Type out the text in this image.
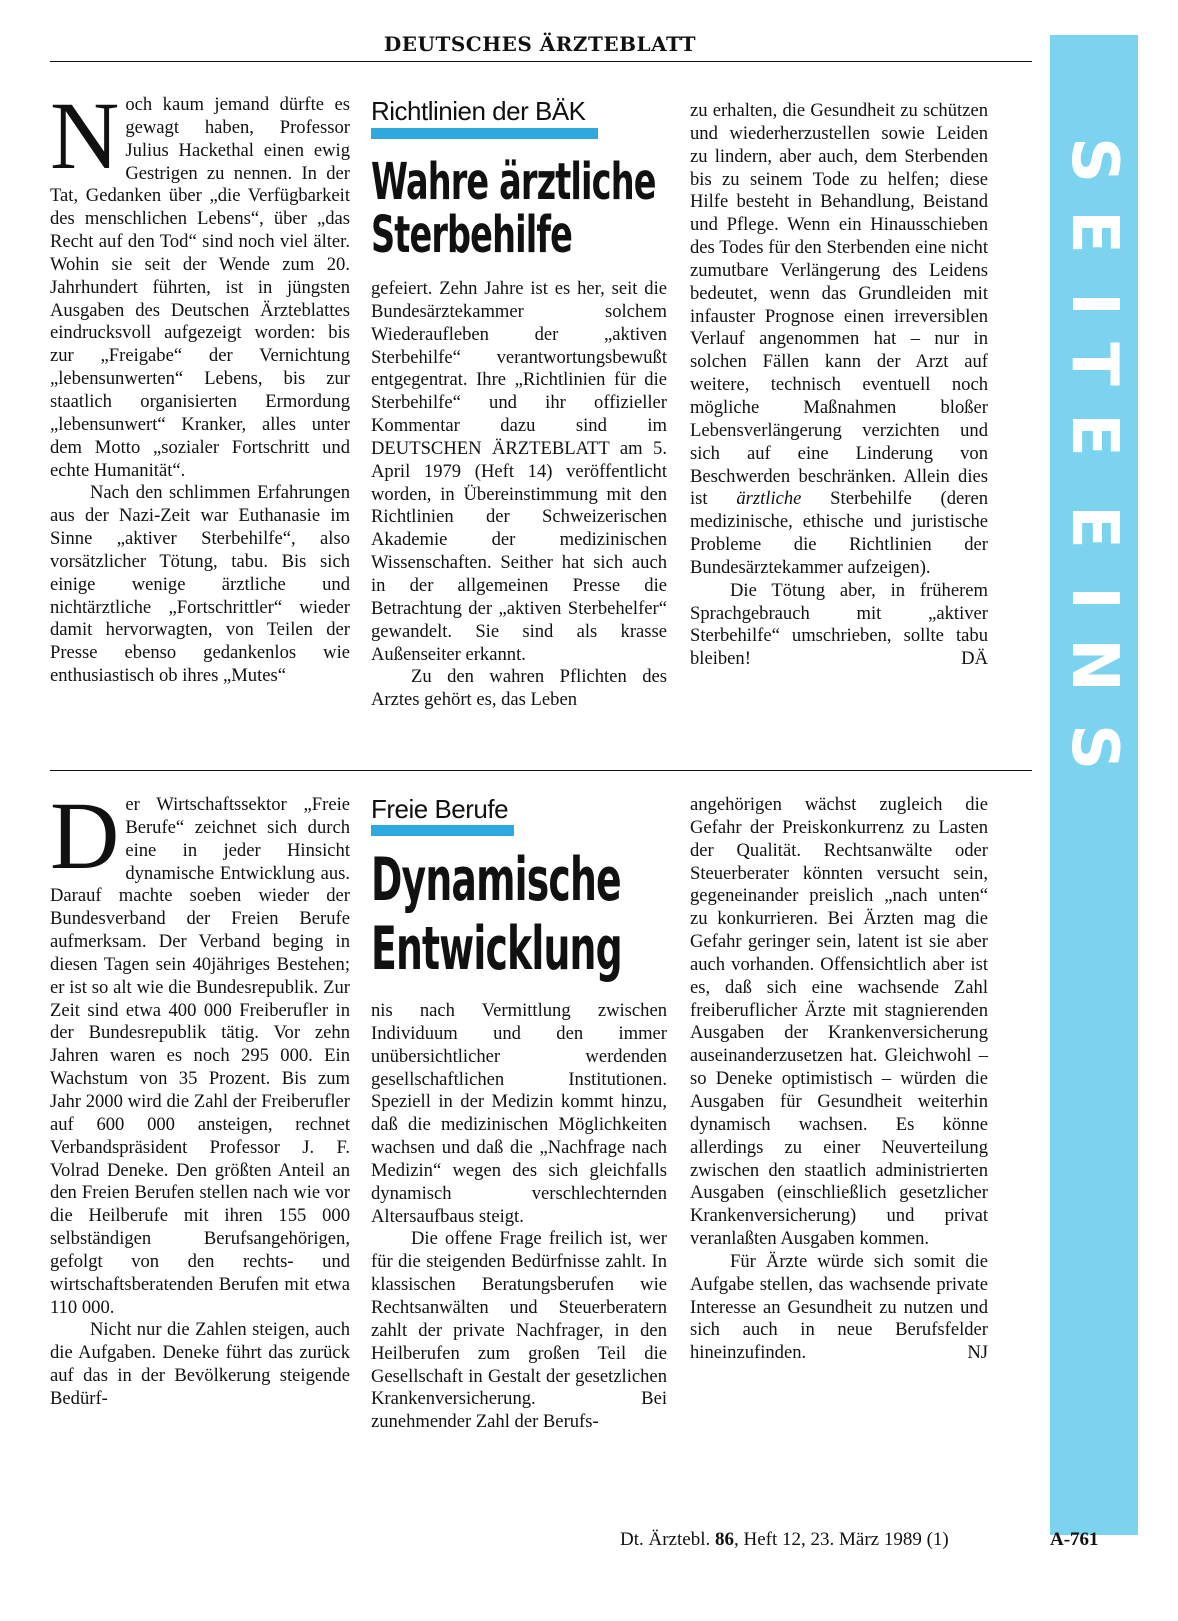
DEUTSCHES ÄRZTEBLATT
S
E
I
T
E
E
I
N
S

Noch kaum jemand dürfte es gewagt haben, Professor Julius Hackethal einen ewig Gestrigen zu nennen. In der Tat, Gedanken über „die Verfügbarkeit des menschlichen Lebens“, über „das Recht auf den Tod“ sind noch viel älter. Wohin sie seit der Wende zum 20. Jahrhundert führten, ist in jüngsten Ausgaben des Deutschen Ärzteblattes eindrucksvoll aufgezeigt worden: bis zur „Freigabe“ der Vernichtung „lebensunwerten“ Lebens, bis zur staatlich organisierten Ermordung „lebensunwert“ Kranker, alles unter dem Motto „sozialer Fortschritt und echte Humanität“.

Nach den schlimmen Erfahrungen aus der Nazi-Zeit war Euthanasie im Sinne „aktiver Sterbehilfe“, also vorsätzlicher Tötung, tabu. Bis sich einige wenige ärztliche und nichtärztliche „Fortschrittler“ wieder damit hervorwagten, von Teilen der Presse ebenso gedankenlos wie enthusiastisch ob ihres „Mutes“

Richtlinien der BÄK
Wahre ärztliche
Sterbehilfe

gefeiert. Zehn Jahre ist es her, seit die Bundesärztekammer solchem Wiederaufleben der „aktiven Sterbehilfe“ verantwortungsbewußt entgegentrat. Ihre „Richtlinien für die Sterbehilfe“ und ihr offizieller Kommentar dazu sind im DEUTSCHEN ÄRZTEBLATT am 5. April 1979 (Heft 14) veröffentlicht worden, in Übereinstimmung mit den Richtlinien der Schweizerischen Akademie der medizinischen Wissenschaften. Seither hat sich auch in der allgemeinen Presse die Betrachtung der „aktiven Sterbehelfer“ gewandelt. Sie sind als krasse Außenseiter erkannt.

Zu den wahren Pflichten des Arztes gehört es, das Leben

zu erhalten, die Gesundheit zu schützen und wiederherzustellen sowie Leiden zu lindern, aber auch, dem Sterbenden bis zu seinem Tode zu helfen; diese Hilfe besteht in Behandlung, Beistand und Pflege. Wenn ein Hinausschieben des Todes für den Sterbenden eine nicht zumutbare Verlängerung des Leidens bedeutet, wenn das Grundleiden mit infauster Prognose einen irreversiblen Verlauf angenommen hat – nur in solchen Fällen kann der Arzt auf weitere, technisch eventuell noch mögliche Maßnahmen bloßer Lebensverlängerung verzichten und sich auf eine Linderung von Beschwerden beschränken. Allein dies ist ärztliche Sterbehilfe (deren medizinische, ethische und juristische Probleme die Richtlinien der Bundesärztekammer aufzeigen).

Die Tötung aber, in früherem Sprachgebrauch mit „aktiver Sterbehilfe“ umschrieben, sollte tabu bleiben!	DÄ

Der Wirtschaftssektor „Freie Berufe“ zeichnet sich durch eine in jeder Hinsicht dynamische Entwicklung aus. Darauf machte soeben wieder der Bundesverband der Freien Berufe aufmerksam. Der Verband beging in diesen Tagen sein 40jähriges Bestehen; er ist so alt wie die Bundesrepublik. Zur Zeit sind etwa 400 000 Freiberufler in der Bundesrepublik tätig. Vor zehn Jahren waren es noch 295 000. Ein Wachstum von 35 Prozent. Bis zum Jahr 2000 wird die Zahl der Freiberufler auf 600 000 ansteigen, rechnet Verbandspräsident Professor J. F. Volrad Deneke. Den größten Anteil an den Freien Berufen stellen nach wie vor die Heilberufe mit ihren 155 000 selbständigen Berufsangehörigen, gefolgt von den rechts- und wirtschaftsberatenden Berufen mit etwa 110 000.

Nicht nur die Zahlen steigen, auch die Aufgaben. Deneke führt das zurück auf das in der Bevölkerung steigende Bedürf-

Freie Berufe
Dynamische
Entwicklung

nis nach Vermittlung zwischen Individuum und den immer unübersichtlicher werdenden gesellschaftlichen Institutionen. Speziell in der Medizin kommt hinzu, daß die medizinischen Möglichkeiten wachsen und daß die „Nachfrage nach Medizin“ wegen des sich gleichfalls dynamisch verschlechternden Altersaufbaus steigt.

Die offene Frage freilich ist, wer für die steigenden Bedürfnisse zahlt. In klassischen Beratungsberufen wie Rechtsanwälten und Steuerberatern zahlt der private Nachfrager, in den Heilberufen zum großen Teil die Gesellschaft in Gestalt der gesetzlichen Krankenversicherung. Bei zunehmender Zahl der Berufs-

angehörigen wächst zugleich die Gefahr der Preiskonkurrenz zu Lasten der Qualität. Rechtsanwälte oder Steuerberater könnten versucht sein, gegeneinander preislich „nach unten“ zu konkurrieren. Bei Ärzten mag die Gefahr geringer sein, latent ist sie aber auch vorhanden. Offensichtlich aber ist es, daß sich eine wachsende Zahl freiberuflicher Ärzte mit stagnierenden Ausgaben der Krankenversicherung auseinanderzusetzen hat. Gleichwohl – so Deneke optimistisch – würden die Ausgaben für Gesundheit weiterhin dynamisch wachsen. Es könne allerdings zu einer Neuverteilung zwischen den staatlich administrierten Ausgaben (einschließlich gesetzlicher Krankenversicherung) und privat veranlaßten Ausgaben kommen.

Für Ärzte würde sich somit die Aufgabe stellen, das wachsende private Interesse an Gesundheit zu nutzen und sich auch in neue Berufsfelder hineinzufinden.	NJ

Dt. Ärztebl. 86, Heft 12, 23. März 1989 (1)	A-761
